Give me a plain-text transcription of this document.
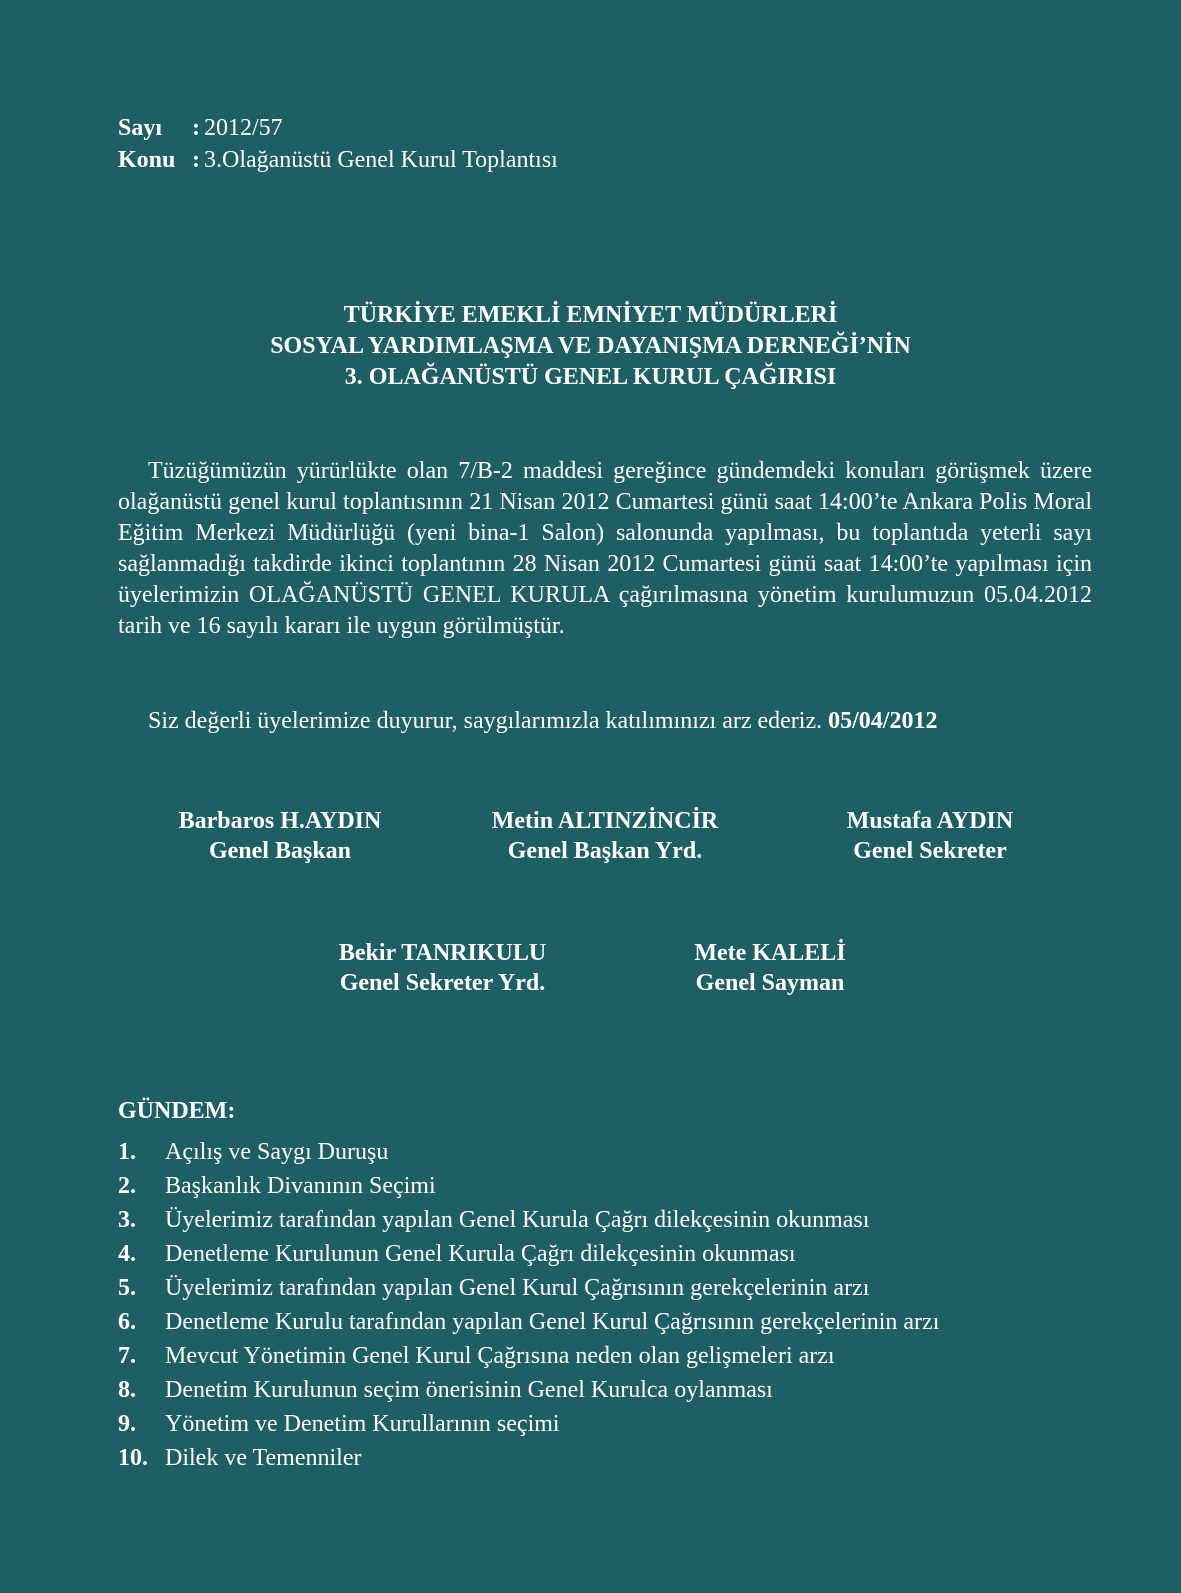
Sayı : 2012/57
Konu : 3.Olağanüstü Genel Kurul Toplantısı
TÜRKİYE EMEKLİ EMNİYET MÜDÜRLERİ
SOSYAL YARDIMLAŞMA VE DAYANIŞMA DERNEĞİ’NİN
3. OLAĞANÜSTÜ GENEL KURUL ÇAĞIRISI

Tüzüğümüzün yürürlükte olan 7/B-2 maddesi gereğince gündemdeki konuları görüşmek üzere olağanüstü genel kurul toplantısının 21 Nisan 2012 Cumartesi günü saat 14:00’te Ankara Polis Moral Eğitim Merkezi Müdürlüğü (yeni bina-1 Salon) salonunda yapılması, bu toplantıda yeterli sayı sağlanmadığı takdirde ikinci toplantının 28 Nisan 2012 Cumartesi günü saat 14:00’te yapılması için üyelerimizin OLAĞANÜSTÜ GENEL KURULA çağırılmasına yönetim kurulumuzun 05.04.2012 tarih ve 16 sayılı kararı ile uygun görülmüştür.

Siz değerli üyelerimize duyurur, saygılarımızla katılımınızı arz ederiz. 05/04/2012
Barbaros H.AYDIN
Genel Başkan
Metin ALTINZİNCİR
Genel Başkan Yrd.
Mustafa AYDIN
Genel Sekreter
Bekir TANRIKULU
Genel Sekreter Yrd.
Mete KALELİ
Genel Sayman
GÜNDEM:
1. Açılış ve Saygı Duruşu
2. Başkanlık Divanının Seçimi
3. Üyelerimiz tarafından yapılan Genel Kurula Çağrı dilekçesinin okunması
4. Denetleme Kurulunun Genel Kurula Çağrı dilekçesinin okunması
5. Üyelerimiz tarafından yapılan Genel Kurul Çağrısının gerekçelerinin arzı
6. Denetleme Kurulu tarafından yapılan Genel Kurul Çağrısının gerekçelerinin arzı
7. Mevcut Yönetimin Genel Kurul Çağrısına neden olan gelişmeleri arzı
8. Denetim Kurulunun seçim önerisinin Genel Kurulca oylanması
9. Yönetim ve Denetim Kurullarının seçimi
10. Dilek ve Temenniler
